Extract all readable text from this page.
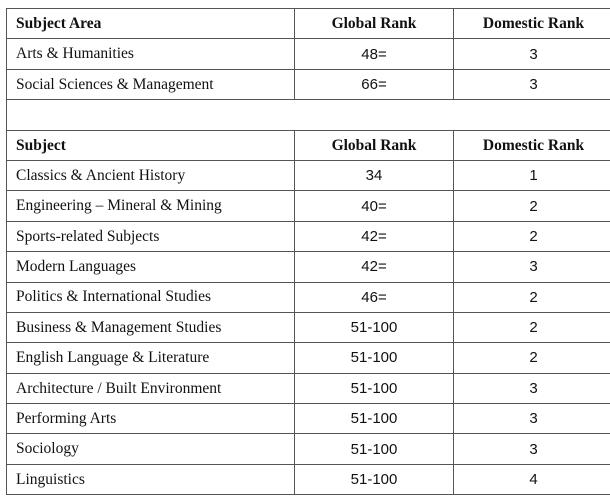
Subject Area	Global Rank	Domestic Rank
Arts & Humanities	48=	3
Social Sciences & Management	66=	3

Subject	Global Rank	Domestic Rank
Classics & Ancient History	34	1
Engineering – Mineral & Mining	40=	2
Sports-related Subjects	42=	2
Modern Languages	42=	3
Politics & International Studies	46=	2
Business & Management Studies	51-100	2
English Language & Literature	51-100	2
Architecture / Built Environment	51-100	3
Performing Arts	51-100	3
Sociology	51-100	3
Linguistics	51-100	4
